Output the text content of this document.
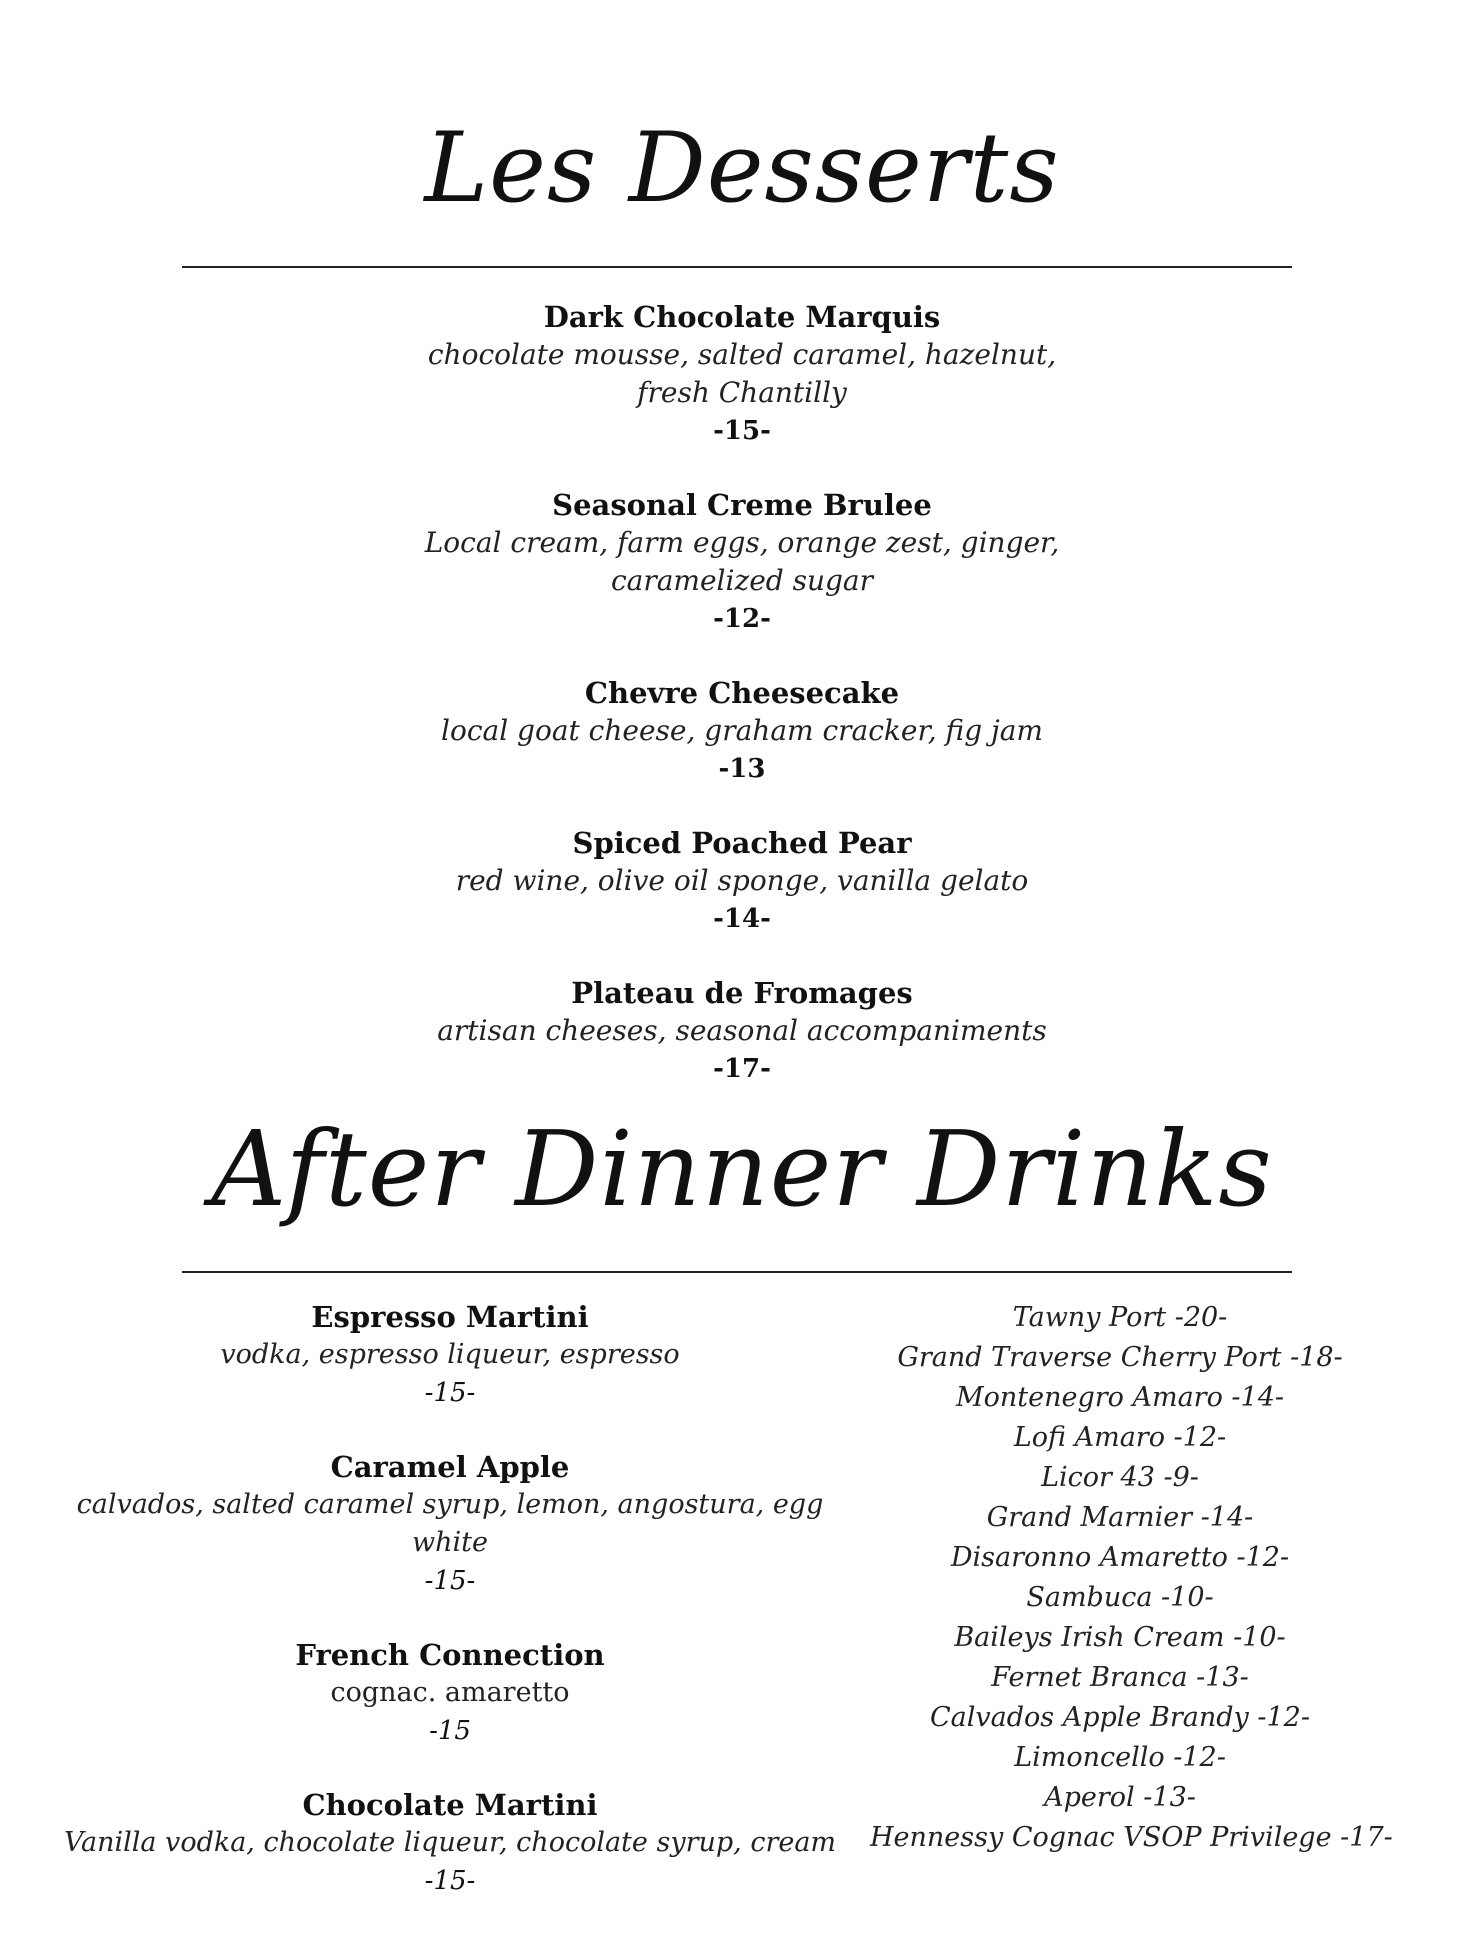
Les Desserts
Dark Chocolate Marquis
chocolate mousse, salted caramel, hazelnut,
fresh Chantilly
-15-
Seasonal Creme Brulee
Local cream, farm eggs, orange zest, ginger,
caramelized sugar
-12-
Chevre Cheesecake
local goat cheese, graham cracker, fig jam
-13
Spiced Poached Pear
red wine, olive oil sponge, vanilla gelato
-14-
Plateau de Fromages
artisan cheeses, seasonal accompaniments
-17-
After Dinner Drinks
Espresso Martini
vodka, espresso liqueur, espresso
-15-
Caramel Apple
calvados, salted caramel syrup, lemon, angostura, egg white
-15-
French Connection
cognac. amaretto
-15
Chocolate Martini
Vanilla vodka, chocolate liqueur, chocolate syrup, cream
-15-
Tawny Port -20-
Grand Traverse Cherry Port -18-
Montenegro Amaro -14-
Lofi Amaro -12-
Licor 43 -9-
Grand Marnier -14-
Disaronno Amaretto -12-
Sambuca -10-
Baileys Irish Cream -10-
Fernet Branca -13-
Calvados Apple Brandy -12-
Limoncello -12-
Aperol -13-
Hennessy Cognac VSOP Privilege -17-
